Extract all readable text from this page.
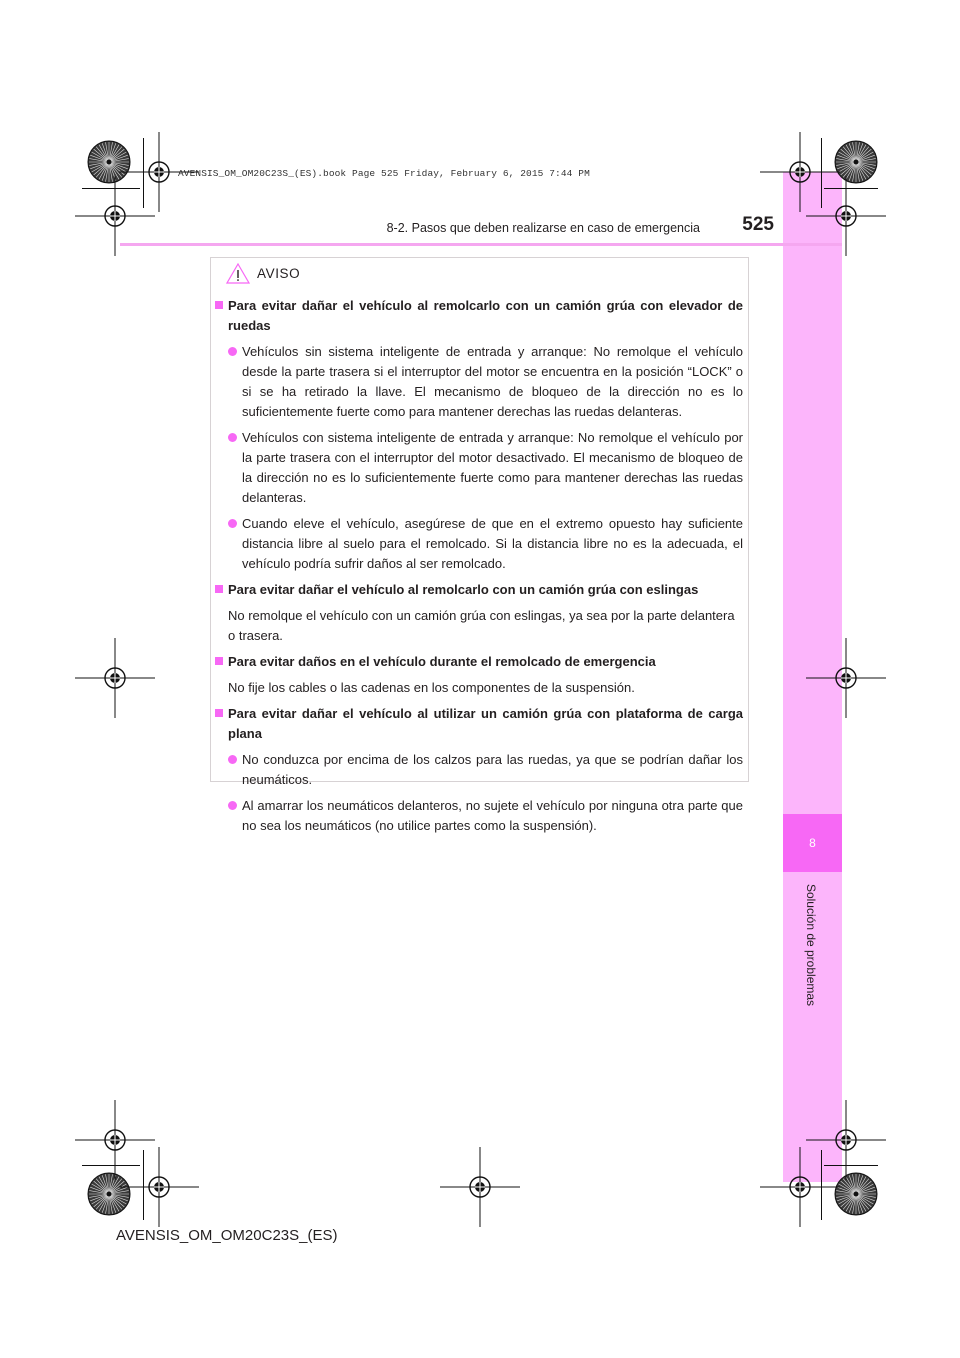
8
Solución de problemas
AVENSIS_OM_OM20C23S_(ES).book Page 525 Friday, February 6, 2015 7:44 PM
8-2. Pasos que deben realizarse en caso de emergencia	525
AVISO
Para evitar dañar el vehículo al remolcarlo con un camión grúa con elevador de ruedas
Vehículos sin sistema inteligente de entrada y arranque: No remolque el vehículo desde la parte trasera si el interruptor del motor se encuentra en la posición “LOCK” o si se ha retirado la llave. El mecanismo de bloqueo de la dirección no es lo suficientemente fuerte como para mantener derechas las ruedas delanteras.
Vehículos con sistema inteligente de entrada y arranque: No remolque el vehículo por la parte trasera con el interruptor del motor desactivado. El mecanismo de bloqueo de la dirección no es lo suficientemente fuerte como para mantener derechas las ruedas delanteras.
Cuando eleve el vehículo, asegúrese de que en el extremo opuesto hay suficiente distancia libre al suelo para el remolcado. Si la distancia libre no es la adecuada, el vehículo podría sufrir daños al ser remolcado.
Para evitar dañar el vehículo al remolcarlo con un camión grúa con eslingas
No remolque el vehículo con un camión grúa con eslingas, ya sea por la parte delantera o trasera.
Para evitar daños en el vehículo durante el remolcado de emergencia
No fije los cables o las cadenas en los componentes de la suspensión.
Para evitar dañar el vehículo al utilizar un camión grúa con plataforma de carga plana
No conduzca por encima de los calzos para las ruedas, ya que se podrían dañar los neumáticos.
Al amarrar los neumáticos delanteros, no sujete el vehículo por ninguna otra parte que no sea los neumáticos (no utilice partes como la suspensión).
AVENSIS_OM_OM20C23S_(ES)
